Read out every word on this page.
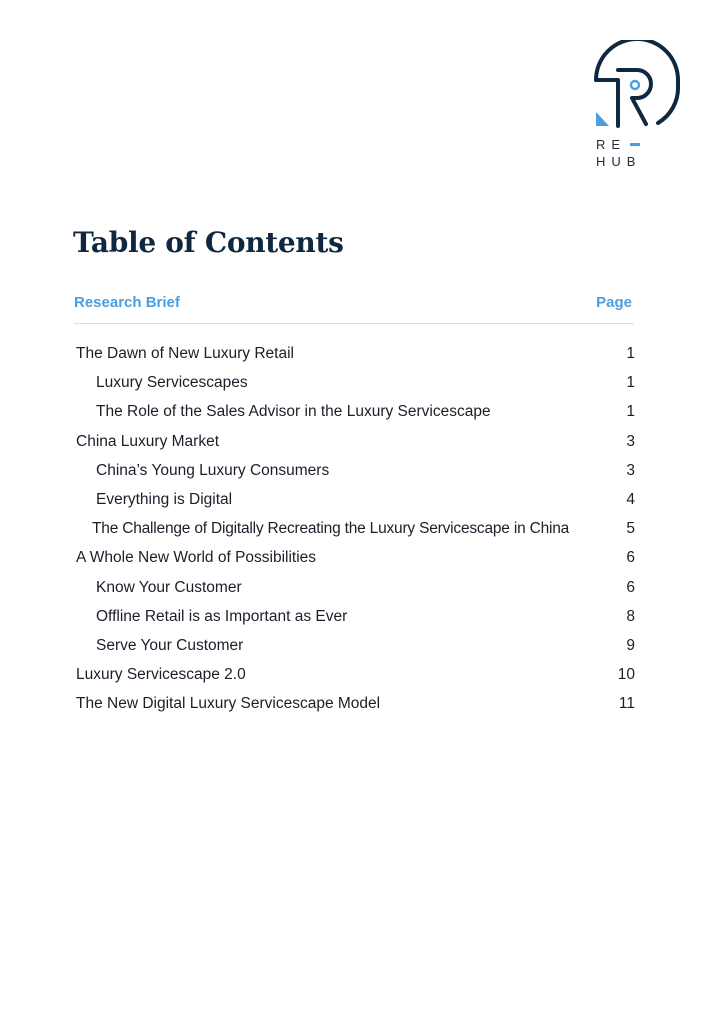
RE
HUB
Table of Contents
Research Brief	Page
The Dawn of New Luxury Retail	1
Luxury Servicescapes	1
The Role of the Sales Advisor in the Luxury Servicescape	1
China Luxury Market	3
China’s Young Luxury Consumers	3
Everything is Digital	4
The Challenge of Digitally Recreating the Luxury Servicescape in China	5
A Whole New World of Possibilities	6
Know Your Customer	6
Offline Retail is as Important as Ever	8
Serve Your Customer	9
Luxury Servicescape 2.0	10
The New Digital Luxury Servicescape Model	11
